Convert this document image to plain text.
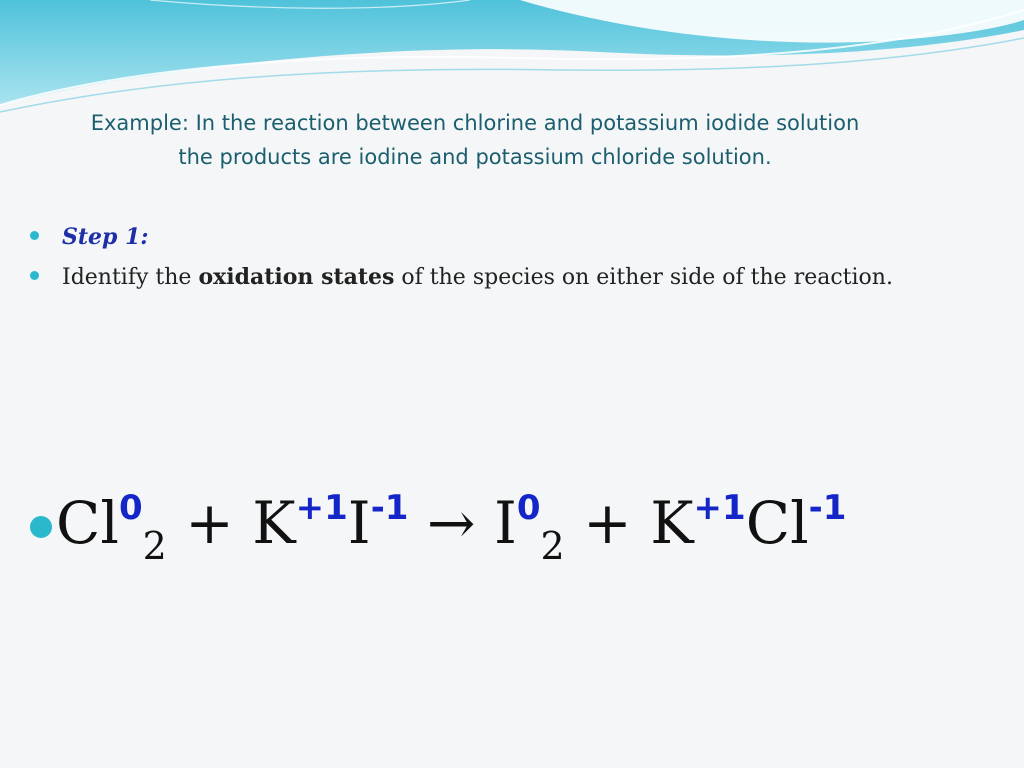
Example: In the reaction between chlorine and potassium iodide solution
the products are iodine and potassium chloride solution.
Step 1:
Identify the oxidation states of the species on either side of the reaction.
$Cl^0_2 + K^{+1}I^{-1} \to I^0_2 + K^{+1}Cl^{-1}$
